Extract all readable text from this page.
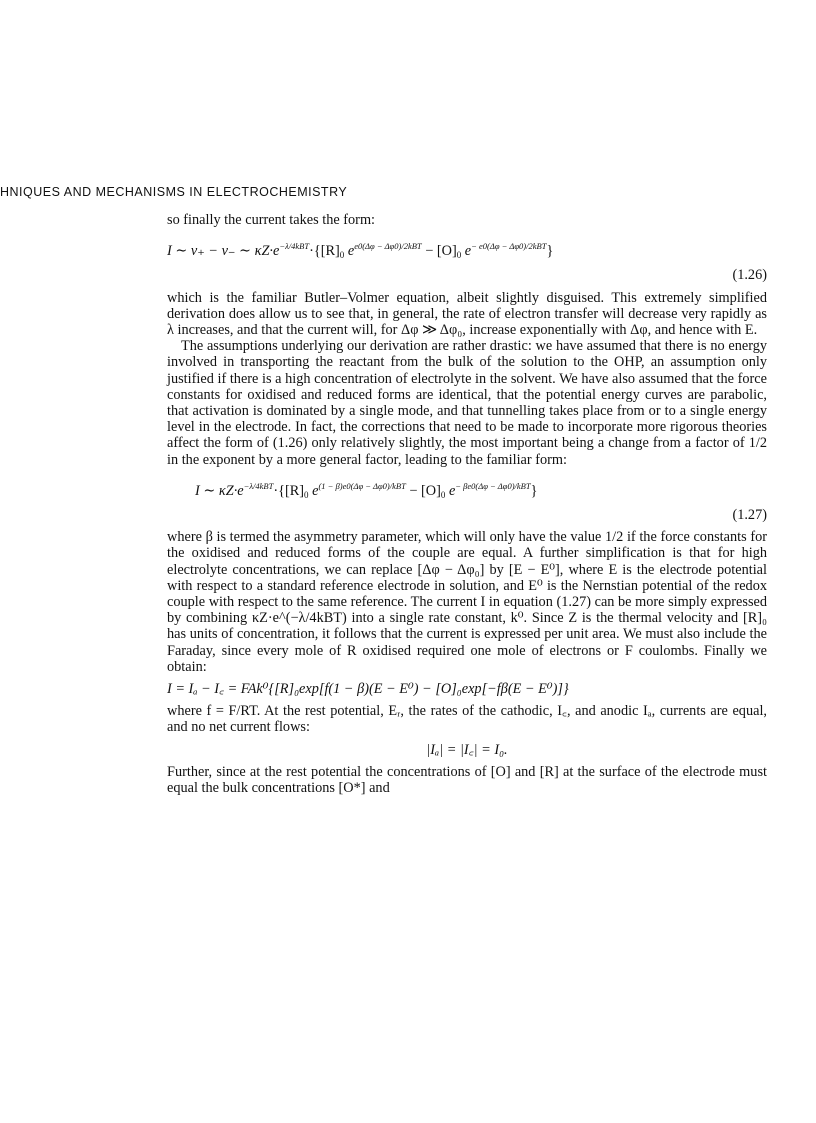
HNIQUES AND MECHANISMS IN ELECTROCHEMISTRY

so finally the current takes the form:

I ∼ ν₊ − ν₋ ∼ $\kappa Z\cdot e^{-\lambda/4kBT}\cdot\{[R]_0$ $e^{e0(\Delta\varphi - \Delta\varphi 0)/2kBT} - [O]_0$ $e^{- e0(\Delta\varphi - \Delta\varphi 0)/2kBT}$}

(1.26)

which is the familiar Butler–Volmer equation, albeit slightly disguised. This extremely simplified derivation does allow us to see that, in general, the rate of electron transfer will decrease very rapidly as λ increases, and that the current will, for Δφ ≫ Δφ₀, increase exponentially with Δφ, and hence with E.

The assumptions underlying our derivation are rather drastic: we have assumed that there is no energy involved in transporting the reactant from the bulk of the solution to the OHP, an assumption only justified if there is a high concentration of electrolyte in the solvent. We have also assumed that the force constants for oxidised and reduced forms are identical, that the potential energy curves are parabolic, that activation is dominated by a single mode, and that tunnelling takes place from or to a single energy level in the electrode. In fact, the corrections that need to be made to incorporate more rigorous theories affect the form of (1.26) only relatively slightly, the most important being a change from a factor of 1/2 in the exponent by a more general factor, leading to the familiar form:

I ∼ $\kappa Z\cdot e^{-\lambda/4kBT}\cdot\{[R]_0$ $e^{(1 - \beta)e0(\Delta\varphi - \Delta\varphi 0)/kBT} - [O]_0$ $e^{- \beta e0(\Delta\varphi - \Delta\varphi 0)/kBT}$}

(1.27)

where β is termed the asymmetry parameter, which will only have the value 1/2 if the force constants for the oxidised and reduced forms of the couple are equal. A further simplification is that for high electrolyte concentrations, we can replace [Δφ − Δφ₀] by [E − E⁰], where E is the electrode potential with respect to a standard reference electrode in solution, and E⁰ is the Nernstian potential of the redox couple with respect to the same reference. The current I in equation (1.27) can be more simply expressed by combining κZ·e^(−λ/4kBT) into a single rate constant, k⁰. Since Z is the thermal velocity and [R]₀ has units of concentration, it follows that the current is expressed per unit area. We must also include the Faraday, since every mole of R oxidised required one mole of electrons or F coulombs. Finally we obtain:

I = Iₐ − I꜀ = FAk⁰{[R]₀exp[f(1 − β)(E − E⁰) − [O]₀exp[−fβ(E − E⁰)]}

where f = F/RT. At the rest potential, Eᵣ, the rates of the cathodic, I꜀, and anodic Iₐ, currents are equal, and no net current flows:

|Iₐ| = |I꜀| = I₀.

Further, since at the rest potential the concentrations of [O] and [R] at the surface of the electrode must equal the bulk concentrations [O*] and
